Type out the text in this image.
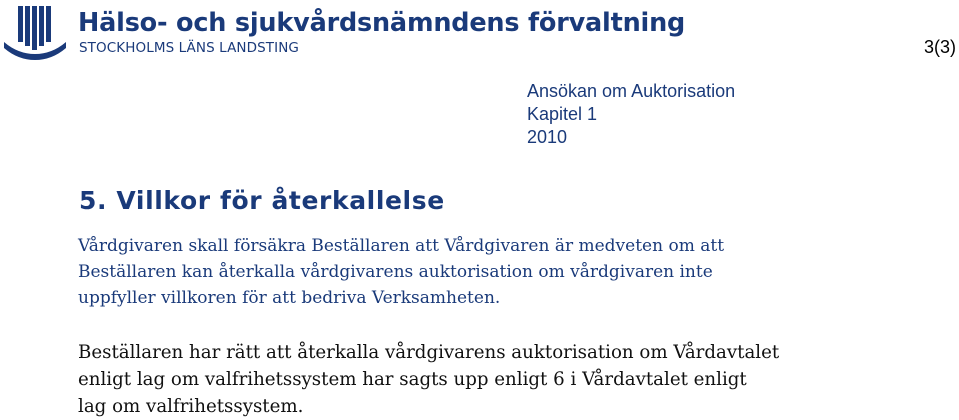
Hälso- och sjukvårdsnämndens förvaltning
STOCKHOLMS LÄNS LANDSTING	3(3)
Ansökan om Auktorisation
Kapitel 1
2010
5. Villkor för återkallelse
Vårdgivaren skall försäkra Beställaren att Vårdgivaren är medveten om att
Beställaren kan återkalla vårdgivarens auktorisation om vårdgivaren inte
uppfyller villkoren för att bedriva Verksamheten.
Beställaren har rätt att återkalla vårdgivarens auktorisation om Vårdavtalet
enligt lag om valfrihetssystem har sagts upp enligt 6 i Vårdavtalet enligt
lag om valfrihetssystem.
